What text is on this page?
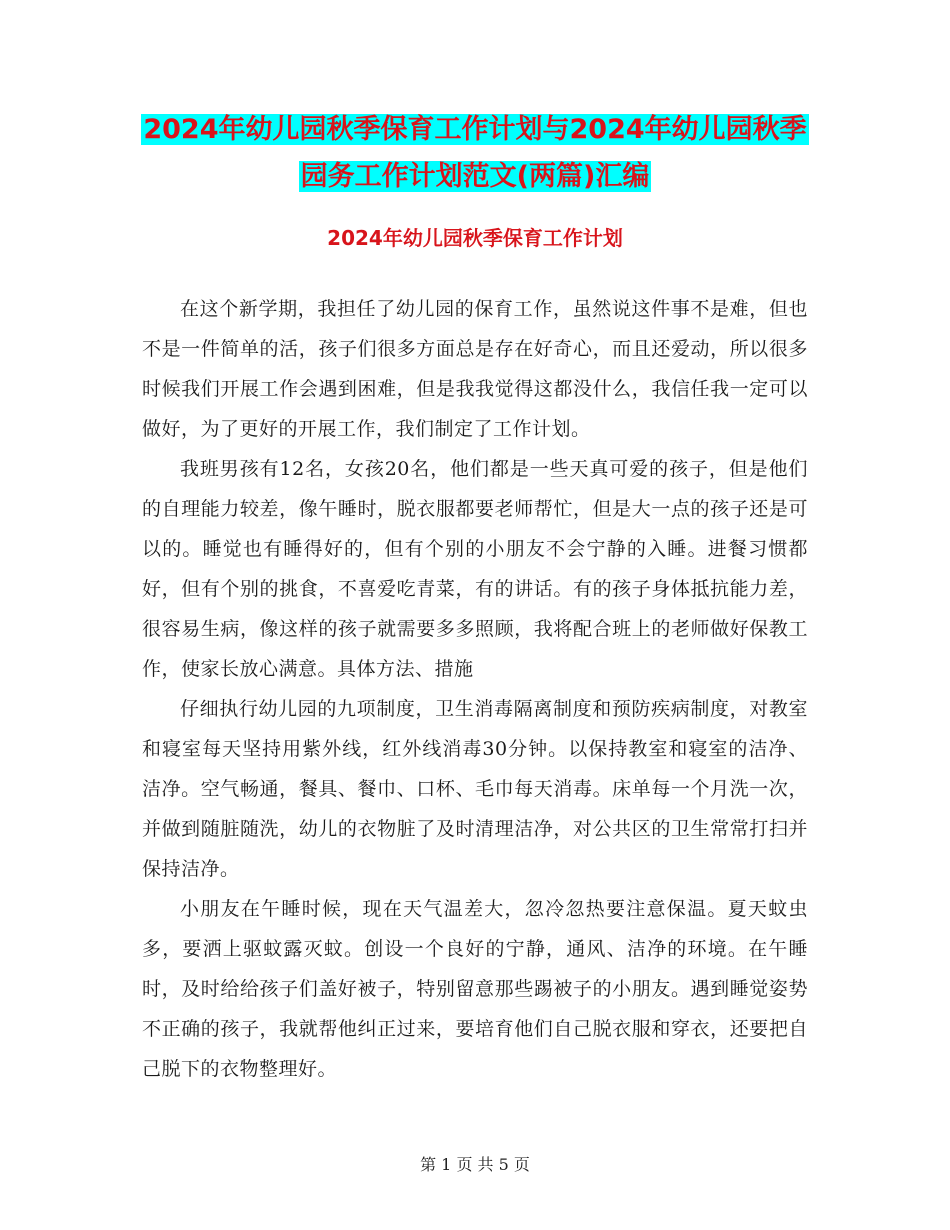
2024年幼儿园秋季保育工作计划与2024年幼儿园秋季
园务工作计划范文(两篇)汇编
2024年幼儿园秋季保育工作计划

在这个新学期，我担任了幼儿园的保育工作，虽然说这件事不是难，但也不是一件简单的活，孩子们很多方面总是存在好奇心，而且还爱动，所以很多时候我们开展工作会遇到困难，但是我我觉得这都没什么，我信任我一定可以做好，为了更好的开展工作，我们制定了工作计划。

我班男孩有12名，女孩20名，他们都是一些天真可爱的孩子，但是他们的自理能力较差，像午睡时，脱衣服都要老师帮忙，但是大一点的孩子还是可以的。睡觉也有睡得好的，但有个别的小朋友不会宁静的入睡。进餐习惯都好，但有个别的挑食，不喜爱吃青菜，有的讲话。有的孩子身体抵抗能力差，很容易生病，像这样的孩子就需要多多照顾，我将配合班上的老师做好保教工作，使家长放心满意。具体方法、措施

仔细执行幼儿园的九项制度，卫生消毒隔离制度和预防疾病制度，对教室和寝室每天坚持用紫外线，红外线消毒30分钟。以保持教室和寝室的洁净、洁净。空气畅通，餐具、餐巾、口杯、毛巾每天消毒。床单每一个月洗一次，并做到随脏随洗，幼儿的衣物脏了及时清理洁净，对公共区的卫生常常打扫并保持洁净。

小朋友在午睡时候，现在天气温差大，忽冷忽热要注意保温。夏天蚊虫多，要洒上驱蚊露灭蚊。创设一个良好的宁静，通风、洁净的环境。在午睡时，及时给给孩子们盖好被子，特别留意那些踢被子的小朋友。遇到睡觉姿势不正确的孩子，我就帮他纠正过来，要培育他们自己脱衣服和穿衣，还要把自己脱下的衣物整理好。

第 1 页 共 5 页
